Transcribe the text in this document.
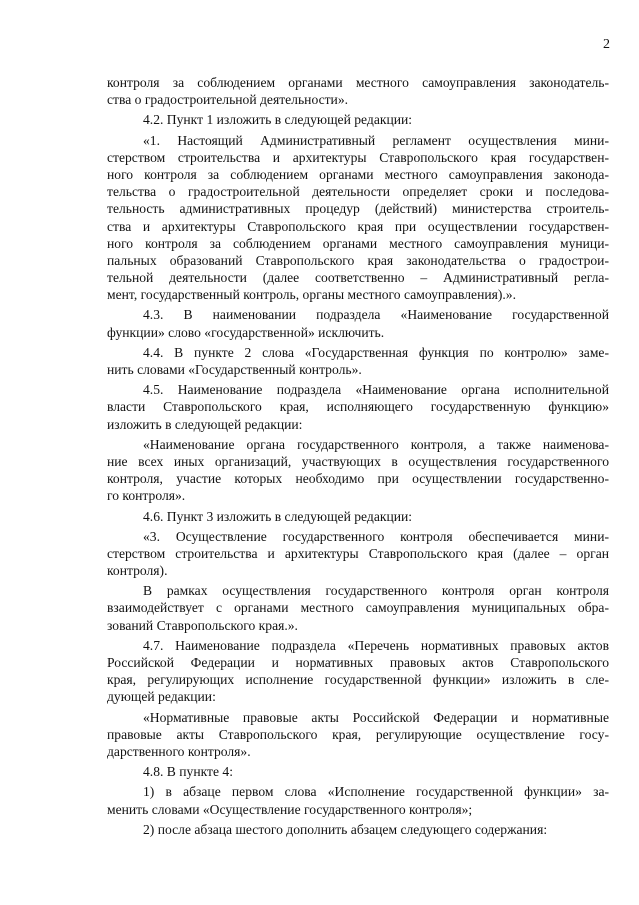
2
контроля за соблюдением органами местного самоуправления законодатель-
ства о градостроительной деятельности».
4.2. Пункт 1 изложить в следующей редакции:
«1. Настоящий Административный регламент осуществления мини-
стерством строительства и архитектуры Ставропольского края государствен-
ного контроля за соблюдением органами местного самоуправления законода-
тельства о градостроительной деятельности определяет сроки и последова-
тельность административных процедур (действий) министерства строитель-
ства и архитектуры Ставропольского края при осуществлении государствен-
ного контроля за соблюдением органами местного самоуправления муници-
пальных образований Ставропольского края законодательства о градострои-
тельной деятельности (далее соответственно – Административный регла-
мент, государственный контроль, органы местного самоуправления).».
4.3. В наименовании подраздела «Наименование государственной
функции» слово «государственной» исключить.
4.4. В пункте 2 слова «Государственная функция по контролю» заме-
нить словами «Государственный контроль».
4.5. Наименование подраздела «Наименование органа исполнительной
власти Ставропольского края, исполняющего государственную функцию»
изложить в следующей редакции:
«Наименование органа государственного контроля, а также наименова-
ние всех иных организаций, участвующих в осуществления государственного
контроля, участие которых необходимо при осуществлении государственно-
го контроля».
4.6. Пункт 3 изложить в следующей редакции:
«3. Осуществление государственного контроля обеспечивается мини-
стерством строительства и архитектуры Ставропольского края (далее – орган
контроля).
В рамках осуществления государственного контроля орган контроля
взаимодействует с органами местного самоуправления муниципальных обра-
зований Ставропольского края.».
4.7. Наименование подраздела «Перечень нормативных правовых актов
Российской Федерации и нормативных правовых актов Ставропольского
края, регулирующих исполнение государственной функции» изложить в сле-
дующей редакции:
«Нормативные правовые акты Российской Федерации и нормативные
правовые акты Ставропольского края, регулирующие осуществление госу-
дарственного контроля».
4.8. В пункте 4:
1) в абзаце первом слова «Исполнение государственной функции» за-
менить словами «Осуществление государственного контроля»;
2) после абзаца шестого дополнить абзацем следующего содержания:
